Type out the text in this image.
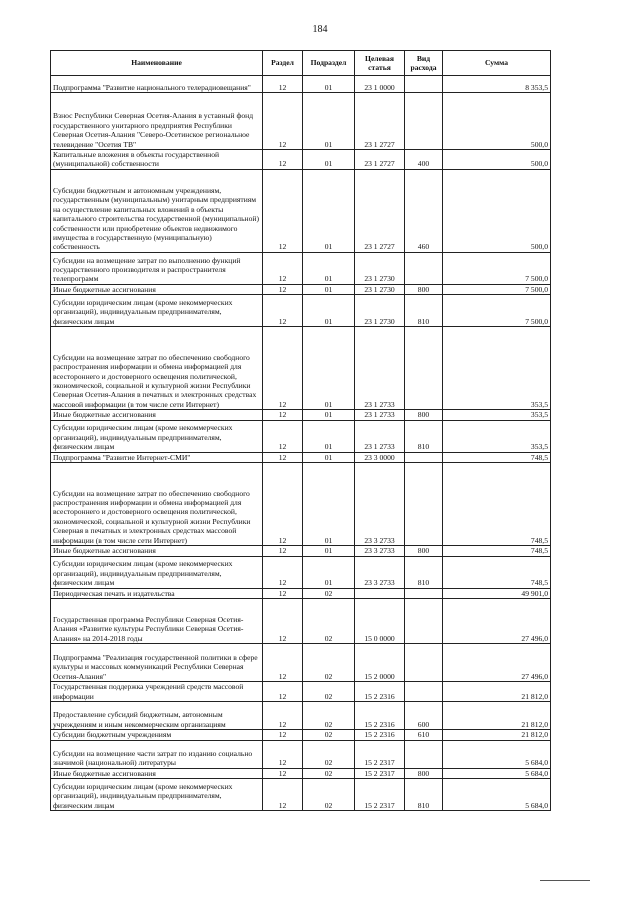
184
Наименование	Раздел	Подраздел	Целевая статья	Вид расхода	Сумма
Подпрограмма "Развитие национального телерадиовещания"	12	01	23 1 0000		8 353,5
Взнос Республики Северная Осетия-Алания в уставный фонд государственного унитарного предприятия Республики Северная Осетия-Алания "Северо-Осетинское региональное телевидение "Осетия ТВ"	12	01	23 1 2727		500,0
Капитальные вложения в объекты государственной (муниципальной) собственности	12	01	23 1 2727	400	500,0
Субсидии бюджетным и автономным учреждениям, государственным (муниципальным) унитарным предприятиям на осуществление капитальных вложений в объекты капитального строительства государственной (муниципальной) собственности или приобретение объектов недвижимого имущества в государственную (муниципальную) собственность	12	01	23 1 2727	460	500,0
Субсидии на возмещение затрат по выполнению функций государственного производителя и распространителя телепрограмм	12	01	23 1 2730		7 500,0
Иные бюджетные ассигнования	12	01	23 1 2730	800	7 500,0
Субсидии юридическим лицам (кроме некоммерческих организаций), индивидуальным предпринимателям, физическим лицам	12	01	23 1 2730	810	7 500,0
Субсидии на возмещение затрат по обеспечению свободного распространения информации и обмена информацией для всестороннего и достоверного освещения политической, экономической, социальной и культурной жизни Республики Северная Осетия-Алания в печатных и электронных средствах массовой информации (в том числе сети Интернет)	12	01	23 1 2733		353,5
Иные бюджетные ассигнования	12	01	23 1 2733	800	353,5
Субсидии юридическим лицам (кроме некоммерческих организаций), индивидуальным предпринимателям, физическим лицам	12	01	23 1 2733	810	353,5
Подпрограмма "Развитие Интернет-СМИ"	12	01	23 3 0000		748,5
Субсидии на возмещение затрат по обеспечению свободного распространения информации и обмена информацией для всестороннего и достоверного освещения политической, экономической, социальной и культурной жизни Республики Северная в печатных и электронных средствах массовой информации (в том числе сети Интернет)	12	01	23 3 2733		748,5
Иные бюджетные ассигнования	12	01	23 3 2733	800	748,5
Субсидии юридическим лицам (кроме некоммерческих организаций), индивидуальным предпринимателям, физическим лицам	12	01	23 3 2733	810	748,5
Периодическая печать и издательства	12	02			49 901,0
Государственная программа Республики Северная Осетия-Алания «Развитие культуры Республики Северная Осетия-Алания» на 2014-2018 годы	12	02	15 0 0000		27 496,0
Подпрограмма "Реализация государственной политики в сфере культуры и массовых коммуникаций Республики Северная Осетия-Алания"	12	02	15 2 0000		27 496,0
Государственная поддержка учреждений средств массовой информации	12	02	15 2 2316		21 812,0
Предоставление субсидий бюджетным, автономным учреждениям и иным некоммерческим организациям	12	02	15 2 2316	600	21 812,0
Субсидии бюджетным учреждениям	12	02	15 2 2316	610	21 812,0
Субсидии на возмещение части затрат по изданию социально значимой (национальной) литературы	12	02	15 2 2317		5 684,0
Иные бюджетные ассигнования	12	02	15 2 2317	800	5 684,0
Субсидии юридическим лицам (кроме некоммерческих организаций), индивидуальным предпринимателям, физическим лицам	12	02	15 2 2317	810	5 684,0
